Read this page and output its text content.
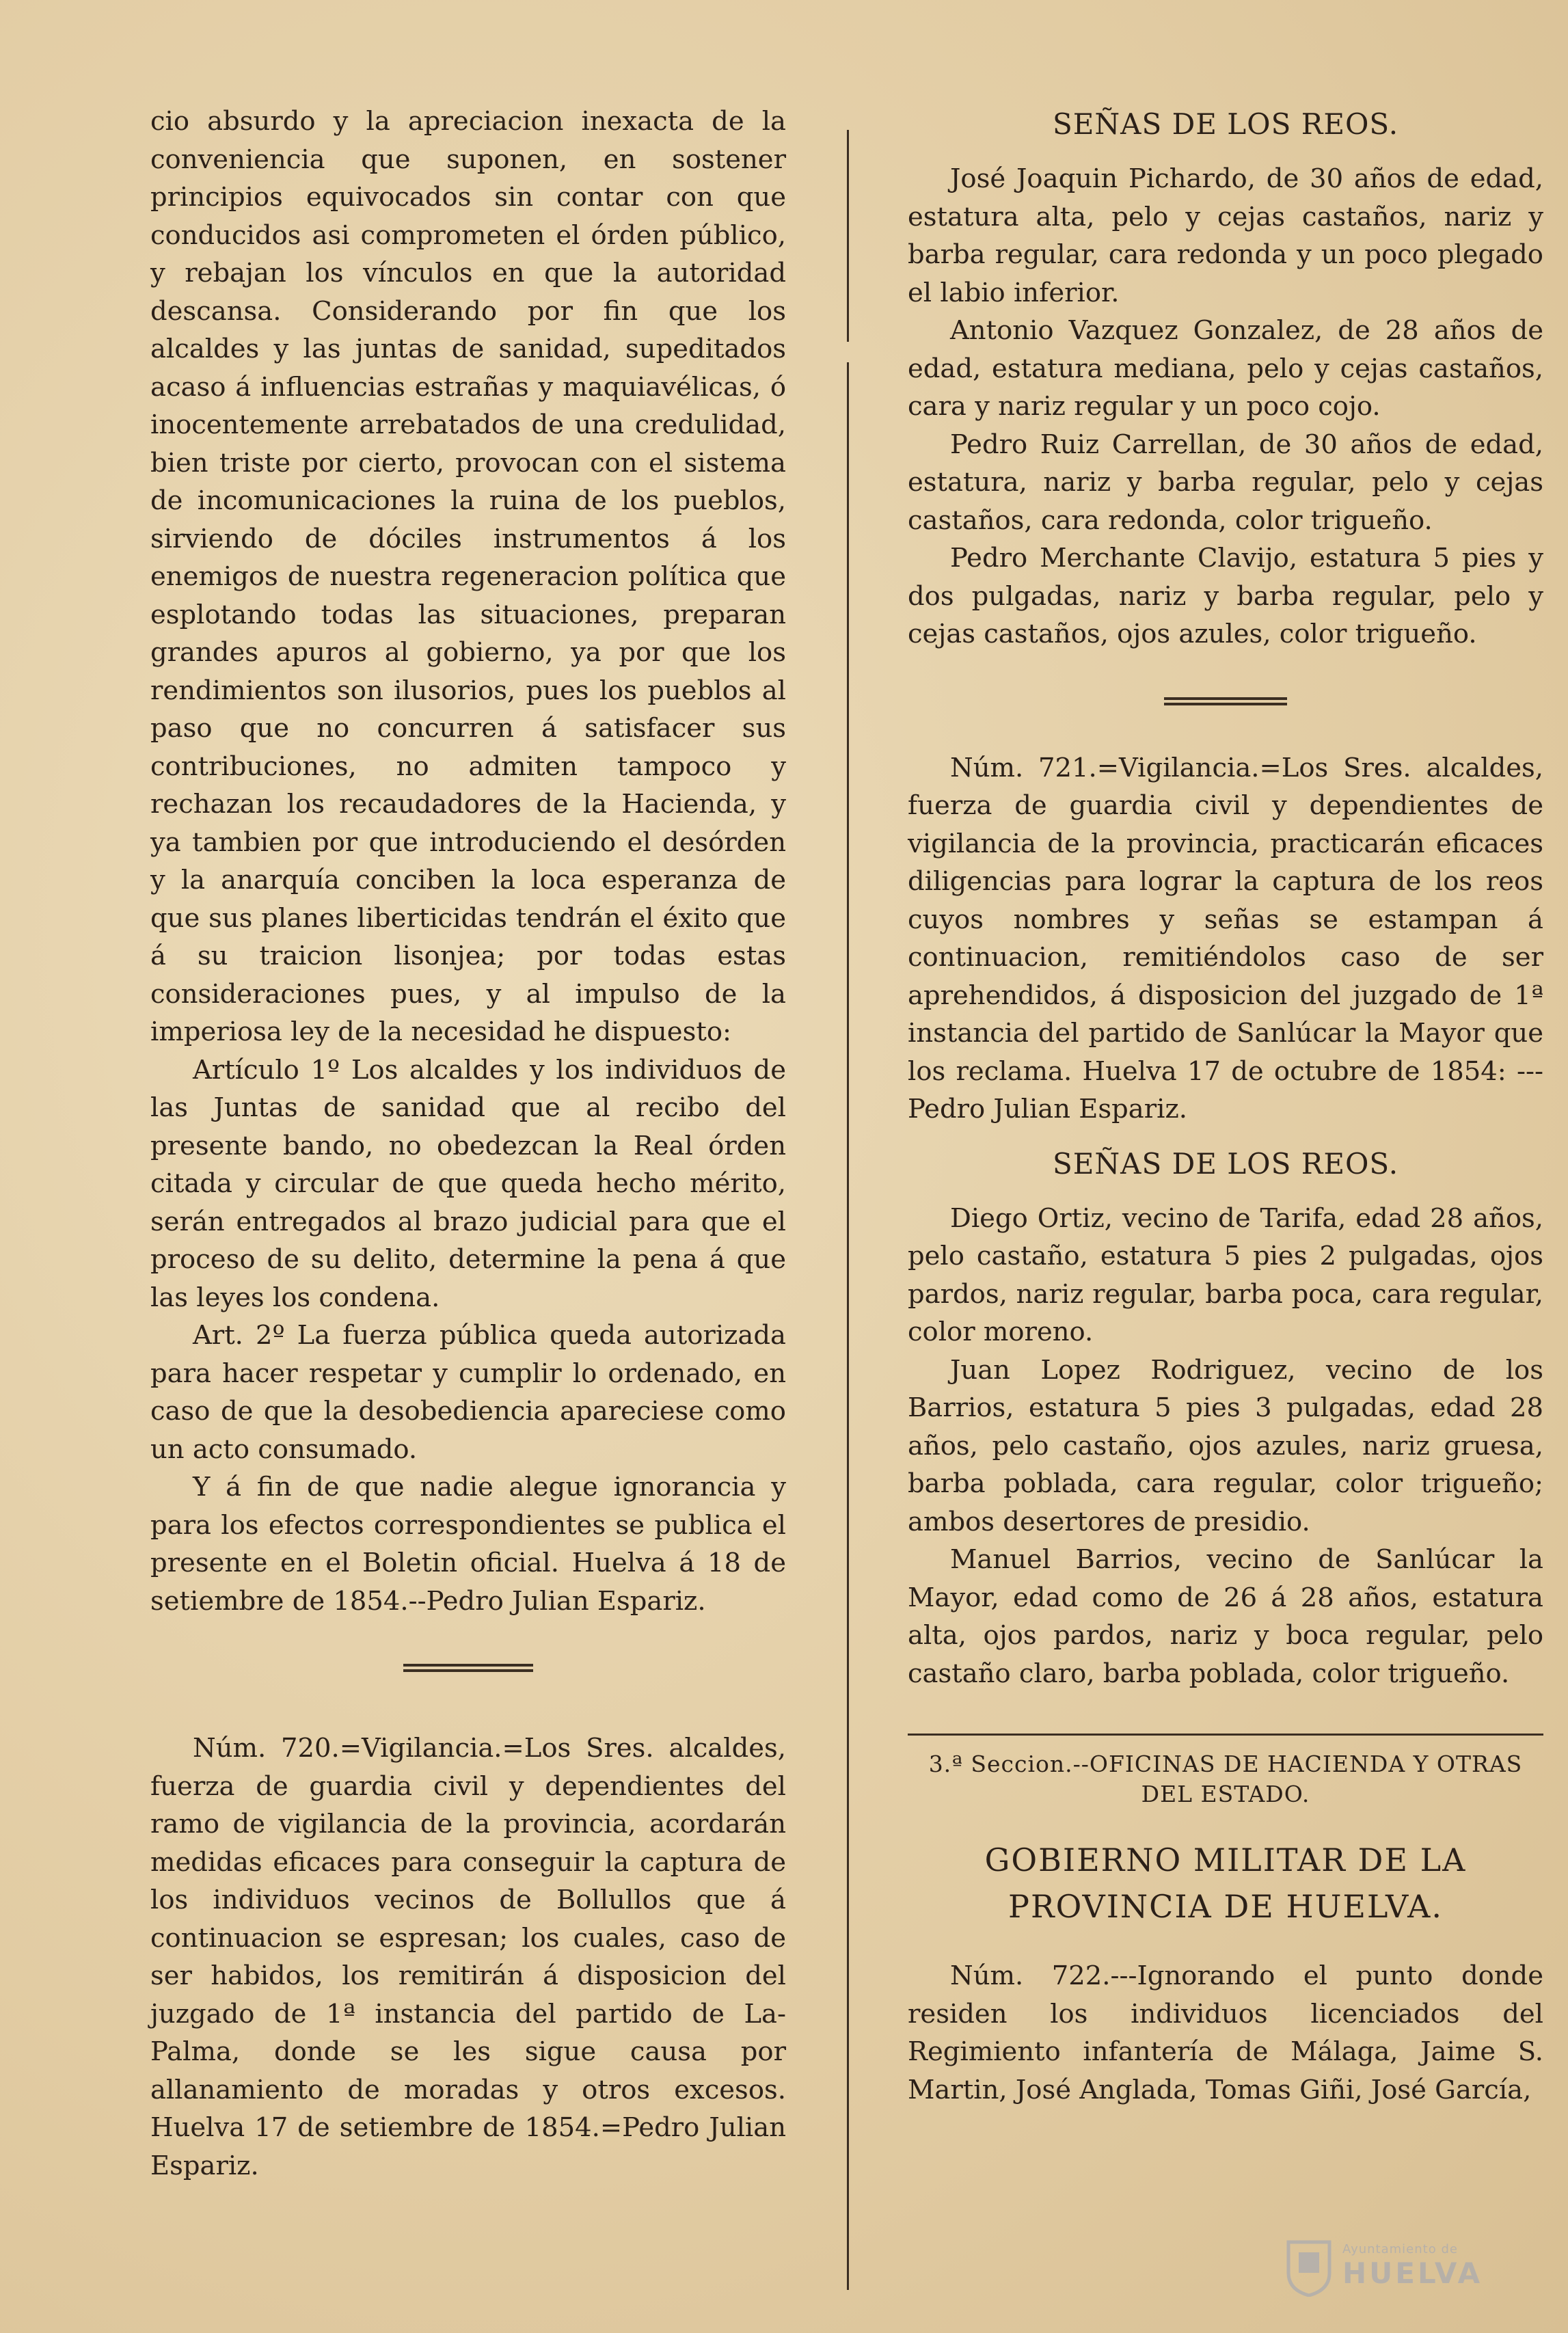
cio absurdo y la apreciacion inexacta de la conveniencia que suponen, en sostener principios equivocados sin contar con que conducidos asi comprometen el órden público, y rebajan los vínculos en que la autoridad descansa. Considerando por fin que los alcaldes y las juntas de sanidad, supeditados acaso á influencias estrañas y maquiavélicas, ó inocentemente arrebatados de una credulidad, bien triste por cierto, provocan con el sistema de incomunicaciones la ruina de los pueblos, sirviendo de dóciles instrumentos á los enemigos de nuestra regeneracion política que esplotando todas las situaciones, preparan grandes apuros al gobierno, ya por que los rendimientos son ilusorios, pues los pueblos al paso que no concurren á satisfacer sus contribuciones, no admiten tampoco y rechazan los recaudadores de la Hacienda, y ya tambien por que introduciendo el desórden y la anarquía conciben la loca esperanza de que sus planes liberticidas tendrán el éxito que á su traicion lisonjea; por todas estas consideraciones pues, y al impulso de la imperiosa ley de la necesidad he dispuesto:

Artículo 1º Los alcaldes y los individuos de las Juntas de sanidad que al recibo del presente bando, no obedezcan la Real órden citada y circular de que queda hecho mérito, serán entregados al brazo judicial para que el proceso de su delito, determine la pena á que las leyes los condena.

Art. 2º La fuerza pública queda autorizada para hacer respetar y cumplir lo ordenado, en caso de que la desobediencia apareciese como un acto consumado.

Y á fin de que nadie alegue ignorancia y para los efectos correspondientes se publica el presente en el Boletin oficial. Huelva á 18 de setiembre de 1854.--Pedro Julian Espariz.

Núm. 720.=Vigilancia.=Los Sres. alcaldes, fuerza de guardia civil y dependientes del ramo de vigilancia de la provincia, acordarán medidas eficaces para conseguir la captura de los individuos vecinos de Bollullos que á continuacion se espresan; los cuales, caso de ser habidos, los remitirán á disposicion del juzgado de 1ª instancia del partido de La-Palma, donde se les sigue causa por allanamiento de moradas y otros excesos. Huelva 17 de setiembre de 1854.=Pedro Julian Espariz.

SEÑAS DE LOS REOS.

José Joaquin Pichardo, de 30 años de edad, estatura alta, pelo y cejas castaños, nariz y barba regular, cara redonda y un poco plegado el labio inferior.

Antonio Vazquez Gonzalez, de 28 años de edad, estatura mediana, pelo y cejas castaños, cara y nariz regular y un poco cojo.

Pedro Ruiz Carrellan, de 30 años de edad, estatura, nariz y barba regular, pelo y cejas castaños, cara redonda, color trigueño.

Pedro Merchante Clavijo, estatura 5 pies y dos pulgadas, nariz y barba regular, pelo y cejas castaños, ojos azules, color trigueño.

Núm. 721.=Vigilancia.=Los Sres. alcaldes, fuerza de guardia civil y dependientes de vigilancia de la provincia, practicarán eficaces diligencias para lograr la captura de los reos cuyos nombres y señas se estampan á continuacion, remitiéndolos caso de ser aprehendidos, á disposicion del juzgado de 1ª instancia del partido de Sanlúcar la Mayor que los reclama. Huelva 17 de octubre de 1854: ---Pedro Julian Espariz.

SEÑAS DE LOS REOS.

Diego Ortiz, vecino de Tarifa, edad 28 años, pelo castaño, estatura 5 pies 2 pulgadas, ojos pardos, nariz regular, barba poca, cara regular, color moreno.

Juan Lopez Rodriguez, vecino de los Barrios, estatura 5 pies 3 pulgadas, edad 28 años, pelo castaño, ojos azules, nariz gruesa, barba poblada, cara regular, color trigueño; ambos desertores de presidio.

Manuel Barrios, vecino de Sanlúcar la Mayor, edad como de 26 á 28 años, estatura alta, ojos pardos, nariz y boca regular, pelo castaño claro, barba poblada, color trigueño.

3.ª Seccion.--OFICINAS DE HACIENDA Y OTRAS DEL ESTADO.

GOBIERNO MILITAR DE LA PROVINCIA DE HUELVA.

Núm. 722.---Ignorando el punto donde residen los individuos licenciados del Regimiento infantería de Málaga, Jaime S. Martin, José Anglada, Tomas Giñi, José García,

Ayuntamiento de
HUELVA
